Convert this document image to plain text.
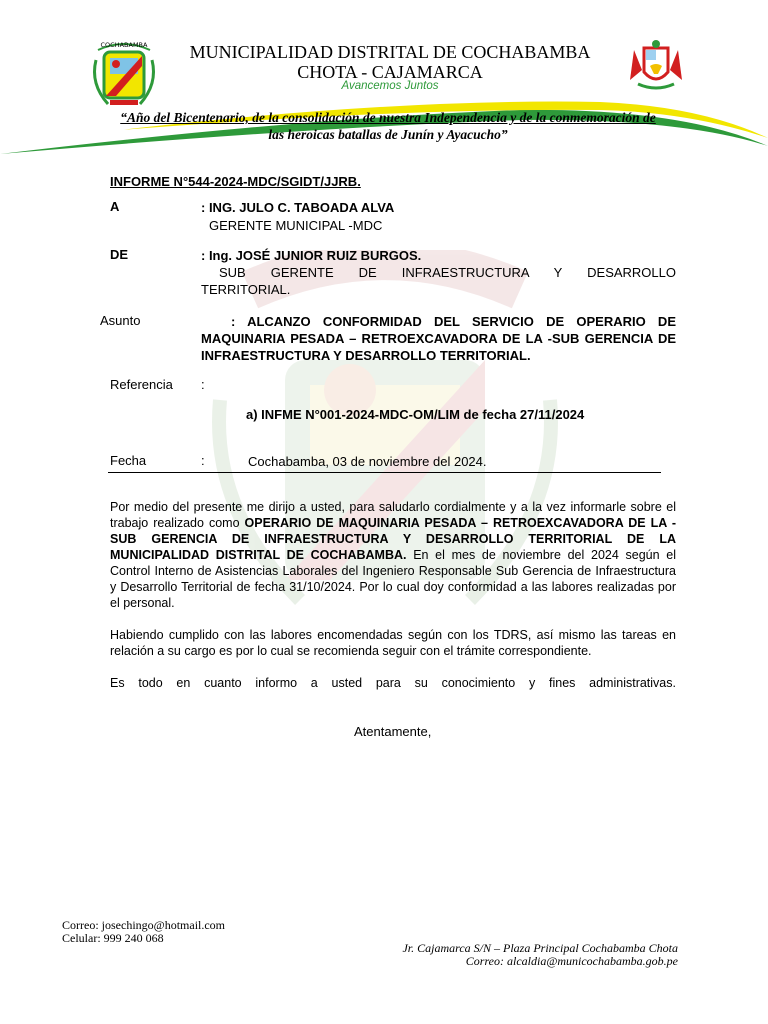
COCHABAMBA	MUNICIPALIDAD DISTRITAL DE COCHABAMBA
CHOTA - CAJAMARCA
Avancemos Juntos
“Año del Bicentenario, de la consolidación de nuestra Independencia y de la conmemoración de
las heroicas batallas de Junín y Ayacucho”
INFORME N°544-2024-MDC/SGIDT/JJRB.
A	: ING. JULO C. TABOADA ALVA
GERENTE MUNICIPAL -MDC
DE	: Ing. JOSÉ JUNIOR RUIZ BURGOS.
SUB GERENTE DE INFRAESTRUCTURA Y DESARROLLO TERRITORIAL.
Asunto	: ALCANZO CONFORMIDAD DEL SERVICIO DE OPERARIO DE MAQUINARIA PESADA – RETROEXCAVADORA DE LA -SUB GERENCIA DE INFRAESTRUCTURA Y DESARROLLO TERRITORIAL.
Referencia :
a) INFME N°001-2024-MDC-OM/LIM de fecha 27/11/2024
Fecha	:	Cochabamba, 03 de noviembre del 2024.
Por medio del presente me dirijo a usted, para saludarlo cordialmente y a la vez informarle sobre el trabajo realizado como OPERARIO DE MAQUINARIA PESADA – RETROEXCAVADORA DE LA -SUB GERENCIA DE INFRAESTRUCTURA Y DESARROLLO TERRITORIAL DE LA MUNICIPALIDAD DISTRITAL DE COCHABAMBA. En el mes de noviembre del 2024 según el Control Interno de Asistencias Laborales del Ingeniero Responsable Sub Gerencia de Infraestructura y Desarrollo Territorial de fecha 31/10/2024. Por lo cual doy conformidad a las labores realizadas por el personal.
Habiendo cumplido con las labores encomendadas según con los TDRS, así mismo las tareas en relación a su cargo es por lo cual se recomienda seguir con el trámite correspondiente.
Es todo en cuanto informo a usted para su conocimiento y fines administrativas.
Atentamente,
Correo: josechingo@hotmail.com
Celular: 999 240 068
Jr. Cajamarca S/N – Plaza Principal Cochabamba Chota
Correo: alcaldia@municochabamba.gob.pe
